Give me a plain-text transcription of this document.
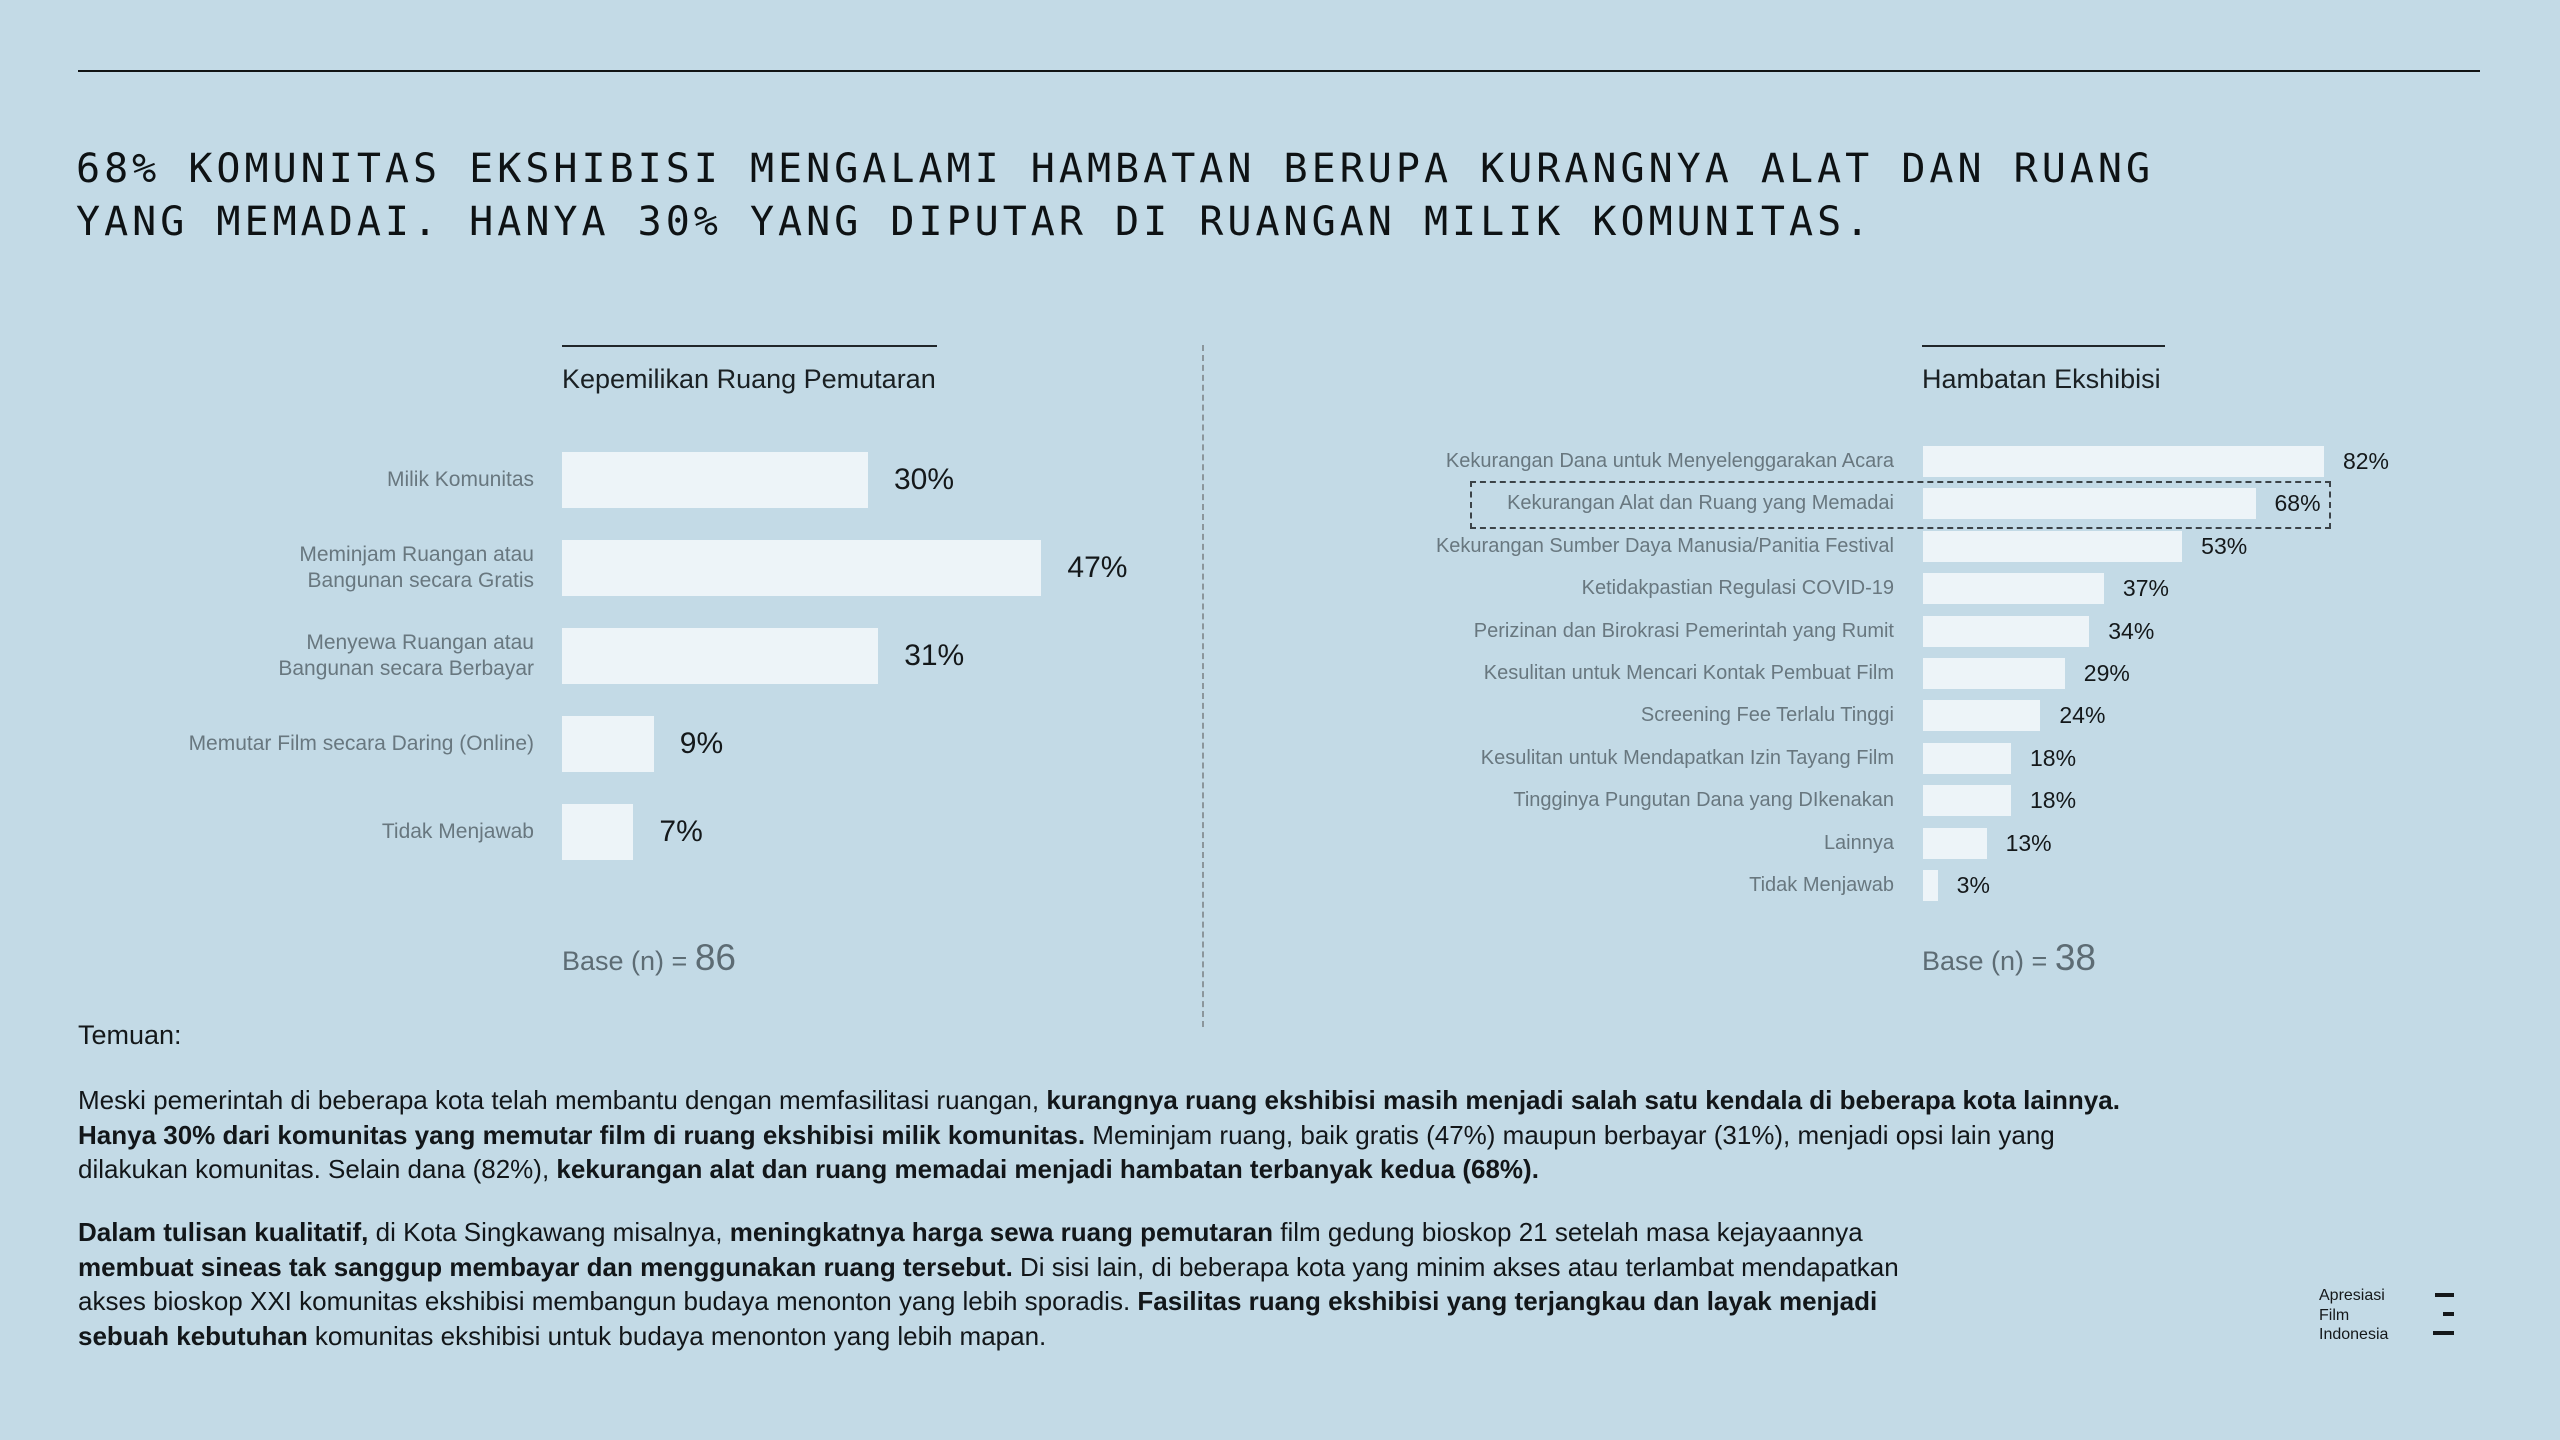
68% KOMUNITAS EKSHIBISI MENGALAMI HAMBATAN BERUPA KURANGNYA ALAT DAN RUANG
YANG MEMADAI. HANYA 30% YANG DIPUTAR DI RUANGAN MILIK KOMUNITAS.
Kepemilikan Ruang Pemutaran
Milik Komunitas	30%
Meminjam Ruangan atau
Bangunan secara Gratis	47%
Menyewa Ruangan atau
Bangunan secara Berbayar	31%
Memutar Film secara Daring (Online)	9%
Tidak Menjawab	7%
Base (n) = 86
Hambatan Ekshibisi
Kekurangan Dana untuk Menyelenggarakan Acara	82%
Kekurangan Alat dan Ruang yang Memadai	68%
Kekurangan Sumber Daya Manusia/Panitia Festival	53%
Ketidakpastian Regulasi COVID-19	37%
Perizinan dan Birokrasi Pemerintah yang Rumit	34%
Kesulitan untuk Mencari Kontak Pembuat Film	29%
Screening Fee Terlalu Tinggi	24%
Kesulitan untuk Mendapatkan Izin Tayang Film	18%
Tingginya Pungutan Dana yang DIkenakan	18%
Lainnya	13%
Tidak Menjawab	3%
Base (n) = 38
Temuan:

Meski pemerintah di beberapa kota telah membantu dengan memfasilitasi ruangan, kurangnya ruang ekshibisi masih menjadi salah satu kendala di beberapa kota lainnya.
Hanya 30% dari komunitas yang memutar film di ruang ekshibisi milik komunitas. Meminjam ruang, baik gratis (47%) maupun berbayar (31%), menjadi opsi lain yang
dilakukan komunitas. Selain dana (82%), kekurangan alat dan ruang memadai menjadi hambatan terbanyak kedua (68%).

Dalam tulisan kualitatif, di Kota Singkawang misalnya, meningkatnya harga sewa ruang pemutaran film gedung bioskop 21 setelah masa kejayaannya
membuat sineas tak sanggup membayar dan menggunakan ruang tersebut. Di sisi lain, di beberapa kota yang minim akses atau terlambat mendapatkan
akses bioskop XXI komunitas ekshibisi membangun budaya menonton yang lebih sporadis. Fasilitas ruang ekshibisi yang terjangkau dan layak menjadi
sebuah kebutuhan komunitas ekshibisi untuk budaya menonton yang lebih mapan.

Apresiasi
Film
Indonesia
